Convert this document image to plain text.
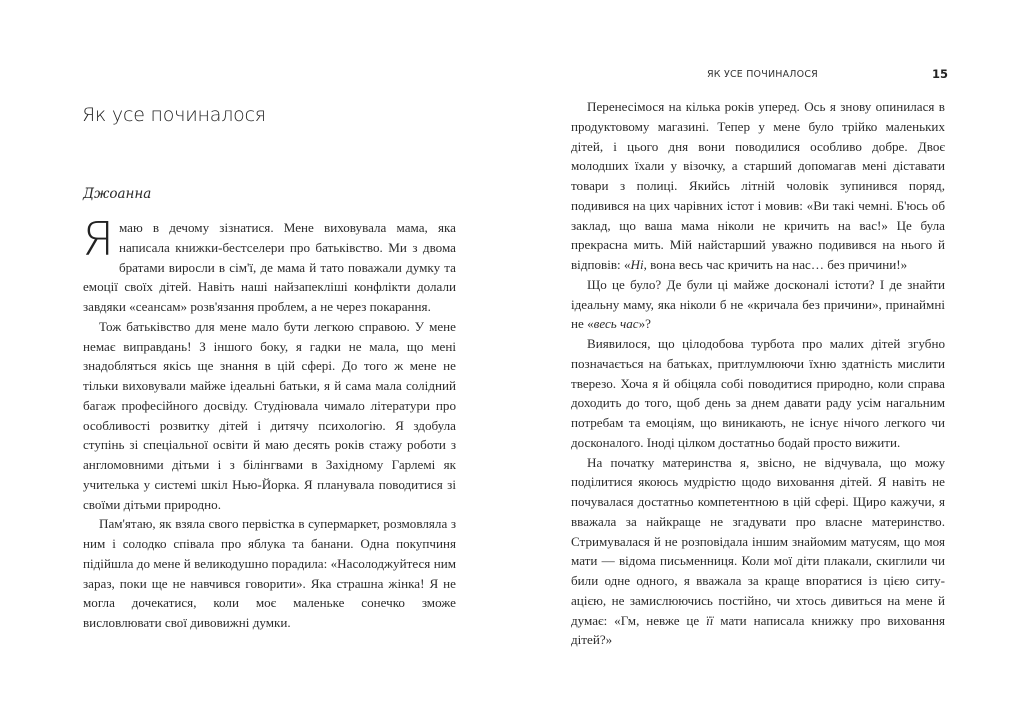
Як усе починалося
Джоанна

Я маю в дечому зізнатися. Мене виховувала мама, яка написала книжки-бестселери про батьківство. Ми з двома братами виросли в сім'ї, де мама й тато поважали думку та емоції своїх дітей. Навіть наші найзапекліші конфлікти долали завдяки «сеансам» розв'язання проблем, а не через покарання.

Тож батьківство для мене мало бути легкою справою. У мене немає виправдань! З іншого боку, я гадки не мала, що мені знадобляться якісь ще знання в цій сфері. До того ж мене не тільки виховували майже ідеальні батьки, я й сама мала солідний багаж професійного досвіду. Студіювала чимало літератури про особливості розвитку дітей і дитячу психологію. Я здобула ступінь зі спеціальної освіти й маю десять років стажу роботи з англомовними дітьми і з білінгвами в Західному Гарлемі як учителька у системі шкіл Нью-Йорка. Я планувала поводитися зі своїми дітьми природно.

Пам'ятаю, як взяла свого первістка в супермаркет, розмовляла з ним і солодко співала про яблука та банани. Одна покупчиня підійшла до мене й великодушно порадила: «Насолоджуйтеся ним зараз, поки ще не навчився говорити». Яка страшна жінка! Я не могла дочекатися, коли моє маленьке сонечко зможе висловлювати свої дивовижні думки.

ЯК УСЕ ПОЧИНАЛОСЯ	15

Перенесімося на кілька років уперед. Ось я знову опинилася в продуктовому магазині. Тепер у мене було трійко маленьких дітей, і цього дня вони поводилися особливо добре. Двоє молодших їхали у візочку, а старший допомагав мені діставати товари з полиці. Якийсь літній чоловік зупинився поряд, подивився на цих чарівних істот і мовив: «Ви такі чемні. Б'юсь об заклад, що ваша мама ніколи не кричить на вас!» Це була прекрасна мить. Мій найстарший уважно подивився на нього й відповів: «Ні, вона весь час кричить на нас… без причини!»

Що це було? Де були ці майже досконалі істоти? І де знайти ідеальну маму, яка ніколи б не «кричала без причини», принаймні не «весь час»?

Виявилося, що цілодобова турбота про малих дітей згубно позначається на батьках, притлумлюючи їхню здатність мислити тверезо. Хоча я й обіцяла собі поводитися природно, коли справа доходить до того, щоб день за днем давати раду усім нагальним потребам та емоціям, що виникають, не існує нічого легкого чи досконалого. Іноді цілком достатньо бодай просто вижити.

На початку материнства я, звісно, не відчувала, що можу поділитися якоюсь мудрістю щодо виховання дітей. Я навіть не почувалася достатньо компетентною в цій сфері. Щиро кажучи, я вважала за найкраще не згадувати про власне материнство. Стримувалася й не розповідала іншим знайомим матусям, що моя мати — відома письменниця. Коли мої діти плакали, скиглили чи били одне одного, я вважала за краще впоратися із цією ситуацією, не замислюючись постійно, чи хтось дивиться на мене й думає: «Гм, невже це її мати написала книжку про виховання дітей?»
